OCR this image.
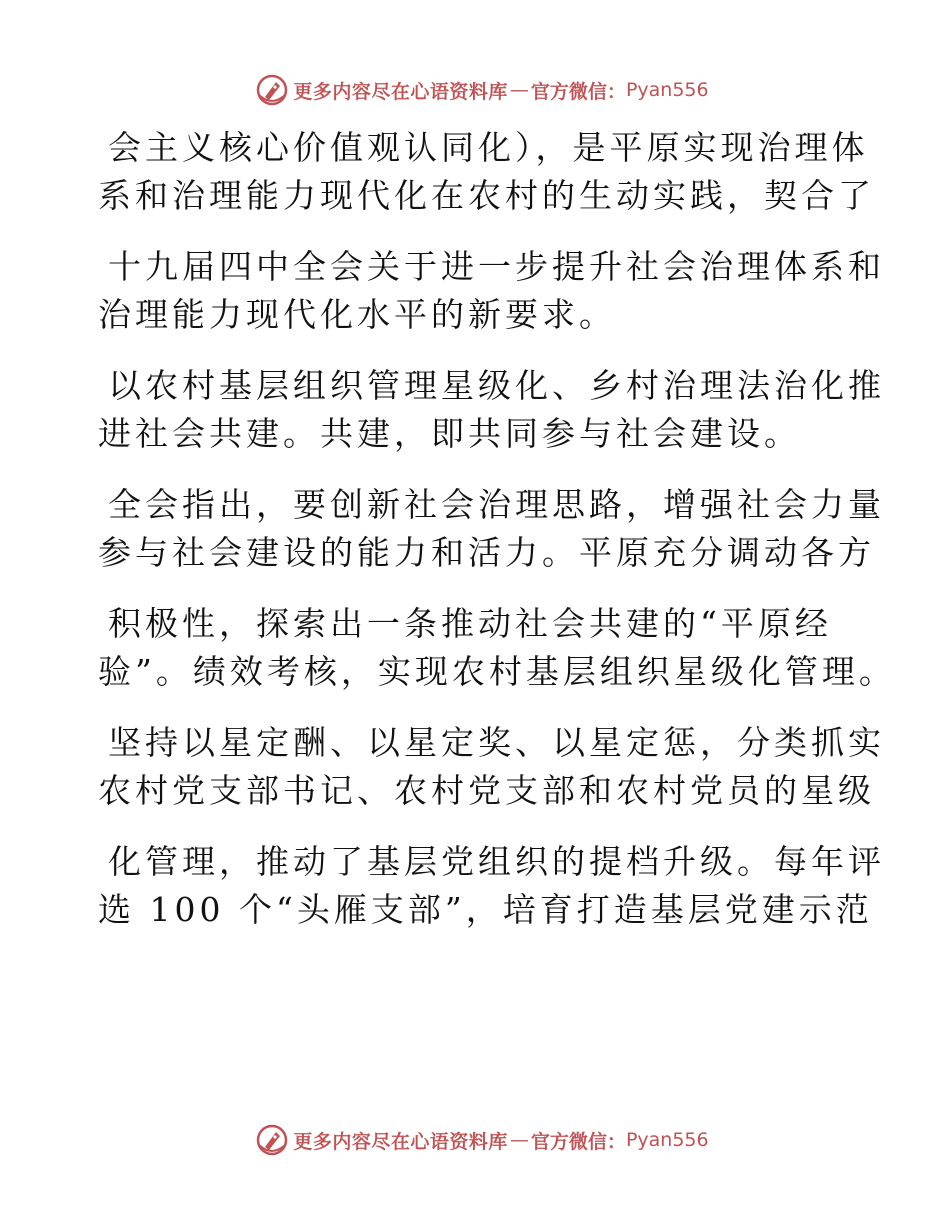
更多内容尽在心语资料库 — 官方微信： Pyan556

会主义核心价值观认同化），是平原实现治理体
系和治理能力现代化在农村的生动实践，契合了

十九届四中全会关于进一步提升社会治理体系和
治理能力现代化水平的新要求。

以农村基层组织管理星级化、乡村治理法治化推
进社会共建。共建，即共同参与社会建设。

全会指出，要创新社会治理思路，增强社会力量
参与社会建设的能力和活力。平原充分调动各方

积极性，探索出一条推动社会共建的“平原经
验”。绩效考核，实现农村基层组织星级化管理。

坚持以星定酬、以星定奖、以星定惩，分类抓实
农村党支部书记、农村党支部和农村党员的星级

化管理，推动了基层党组织的提档升级。每年评
选 100 个“头雁支部”，培育打造基层党建示范

更多内容尽在心语资料库 — 官方微信： Pyan556
